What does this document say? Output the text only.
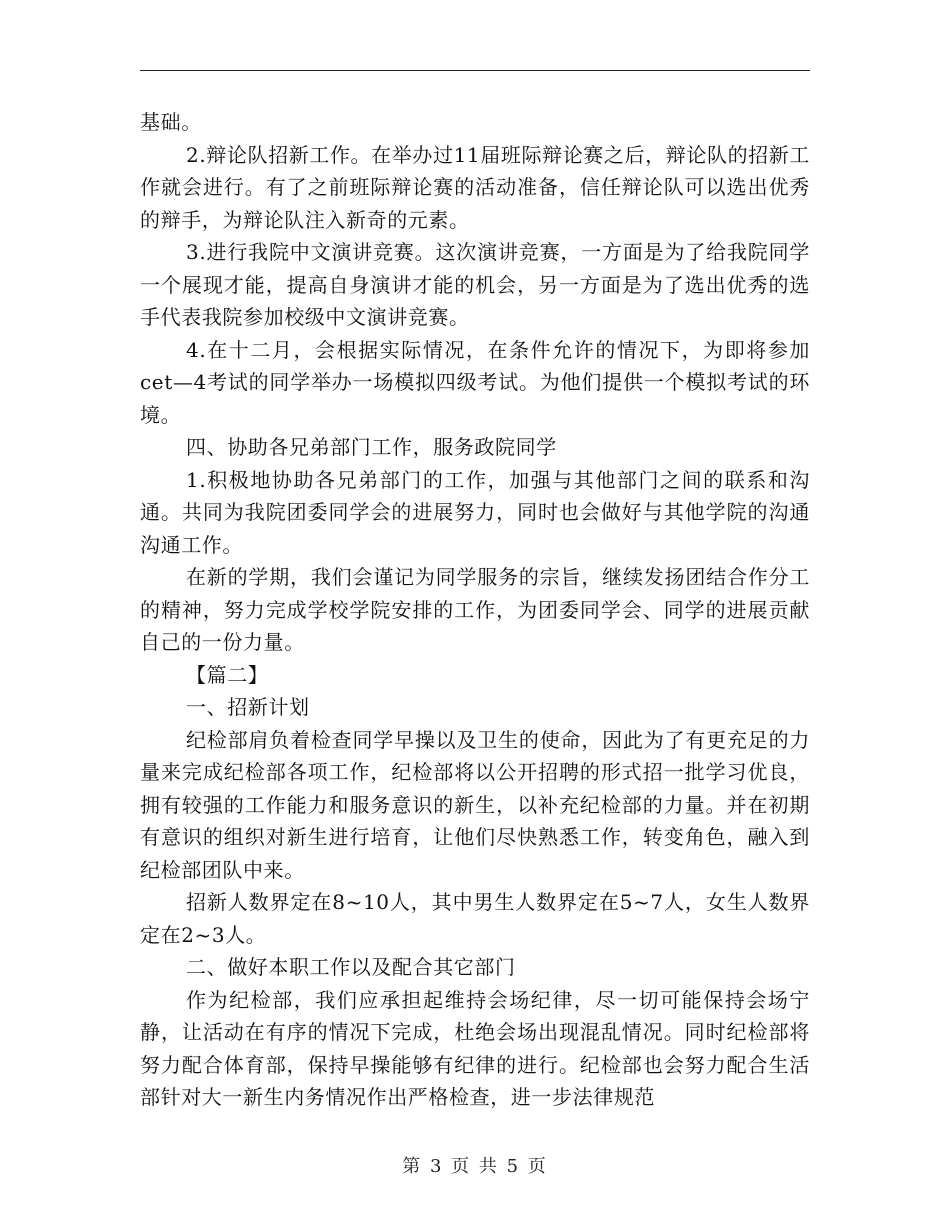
基础。

2.辩论队招新工作。在举办过11届班际辩论赛之后，辩论队的招新工作就会进行。有了之前班际辩论赛的活动准备，信任辩论队可以选出优秀的辩手，为辩论队注入新奇的元素。

3.进行我院中文演讲竞赛。这次演讲竞赛，一方面是为了给我院同学一个展现才能，提高自身演讲才能的机会，另一方面是为了选出优秀的选手代表我院参加校级中文演讲竞赛。

4.在十二月，会根据实际情况，在条件允许的情况下，为即将参加cet—4考试的同学举办一场模拟四级考试。为他们提供一个模拟考试的环境。

四、协助各兄弟部门工作，服务政院同学

1.积极地协助各兄弟部门的工作，加强与其他部门之间的联系和沟通。共同为我院团委同学会的进展努力，同时也会做好与其他学院的沟通沟通工作。

在新的学期，我们会谨记为同学服务的宗旨，继续发扬团结合作分工的精神，努力完成学校学院安排的工作，为团委同学会、同学的进展贡献自己的一份力量。

【篇二】

一、招新计划

纪检部肩负着检查同学早操以及卫生的使命，因此为了有更充足的力量来完成纪检部各项工作，纪检部将以公开招聘的形式招一批学习优良，拥有较强的工作能力和服务意识的新生，以补充纪检部的力量。并在初期有意识的组织对新生进行培育，让他们尽快熟悉工作，转变角色，融入到纪检部团队中来。

招新人数界定在8~10人，其中男生人数界定在5~7人，女生人数界定在2~3人。

二、做好本职工作以及配合其它部门

作为纪检部，我们应承担起维持会场纪律，尽一切可能保持会场宁静，让活动在有序的情况下完成，杜绝会场出现混乱情况。同时纪检部将努力配合体育部，保持早操能够有纪律的进行。纪检部也会努力配合生活部针对大一新生内务情况作出严格检查，进一步法律规范

第 3 页 共 5 页
